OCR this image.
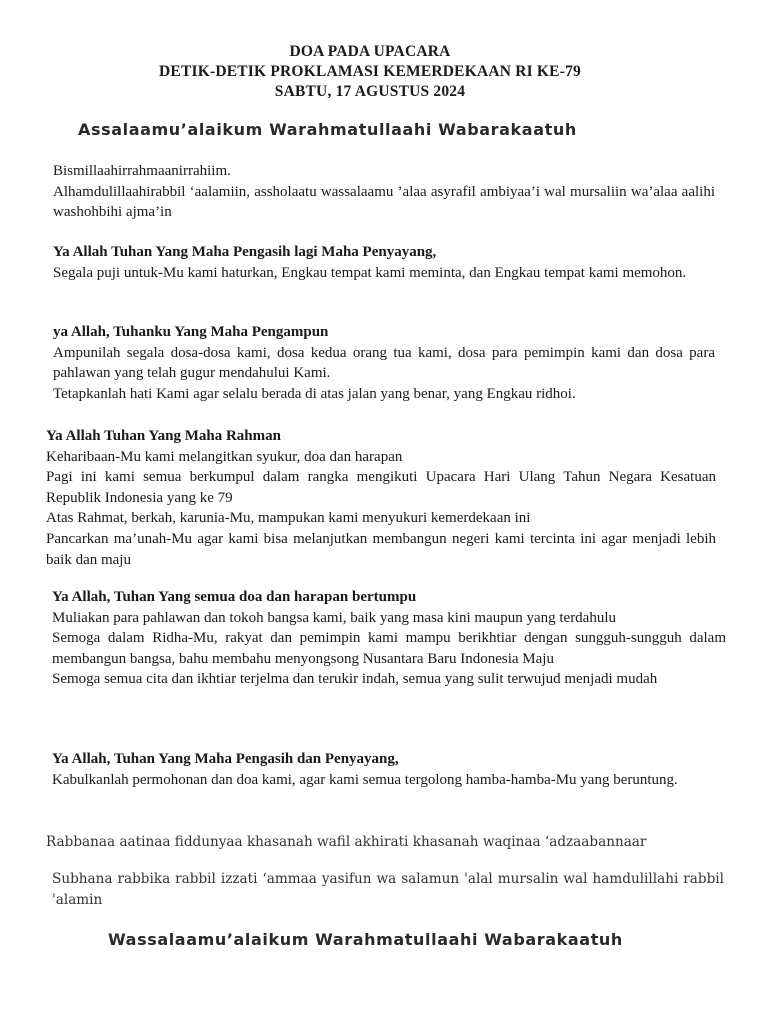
DOA PADA UPACARA
DETIK-DETIK PROKLAMASI KEMERDEKAAN RI KE-79
SABTU, 17 AGUSTUS 2024
Assalaamu’alaikum Warahmatullaahi Wabarakaatuh

Bismillaahirrahmaanirrahiim.

Alhamdulillaahirabbil ‘aalamiin, assholaatu wassalaamu ’alaa asyrafil ambiyaa’i wal mursaliin wa’alaa aalihi washohbihi ajma’in

Ya Allah Tuhan Yang Maha Pengasih lagi Maha Penyayang,

Segala puji untuk-Mu kami haturkan, Engkau tempat kami meminta, dan Engkau tempat kami memohon.

ya Allah, Tuhanku Yang Maha Pengampun

Ampunilah segala dosa-dosa kami, dosa kedua orang tua kami, dosa para pemimpin kami dan dosa para pahlawan yang telah gugur mendahului Kami.

Tetapkanlah hati Kami agar selalu berada di atas jalan yang benar, yang Engkau ridhoi.

Ya Allah Tuhan Yang Maha Rahman

Keharibaan-Mu kami melangitkan syukur, doa dan harapan

Pagi ini kami semua berkumpul dalam rangka mengikuti Upacara Hari Ulang Tahun Negara Kesatuan Republik Indonesia yang ke 79

Atas Rahmat, berkah, karunia-Mu, mampukan kami menyukuri kemerdekaan ini

Pancarkan ma’unah-Mu agar kami bisa melanjutkan membangun negeri kami tercinta ini agar menjadi lebih baik dan maju

Ya Allah, Tuhan Yang semua doa dan harapan bertumpu

Muliakan para pahlawan dan tokoh bangsa kami, baik yang masa kini maupun yang terdahulu

Semoga dalam Ridha-Mu, rakyat dan pemimpin kami mampu berikhtiar dengan sungguh-sungguh dalam membangun bangsa, bahu membahu menyongsong Nusantara Baru Indonesia Maju

Semoga semua cita dan ikhtiar terjelma dan terukir indah, semua yang sulit terwujud menjadi mudah

Ya Allah, Tuhan Yang Maha Pengasih dan Penyayang,

Kabulkanlah permohonan dan doa kami, agar kami semua tergolong hamba-hamba-Mu yang beruntung.

Rabbanaa aatinaa fiddunyaa khasanah wafil akhirati khasanah waqinaa ‘adzaabannaar
Subhana rabbika rabbil izzati ‘ammaa yasifun wa salamun 'alal mursalin wal hamdulillahi rabbil 'alamin
Wassalaamu’alaikum Warahmatullaahi Wabarakaatuh
